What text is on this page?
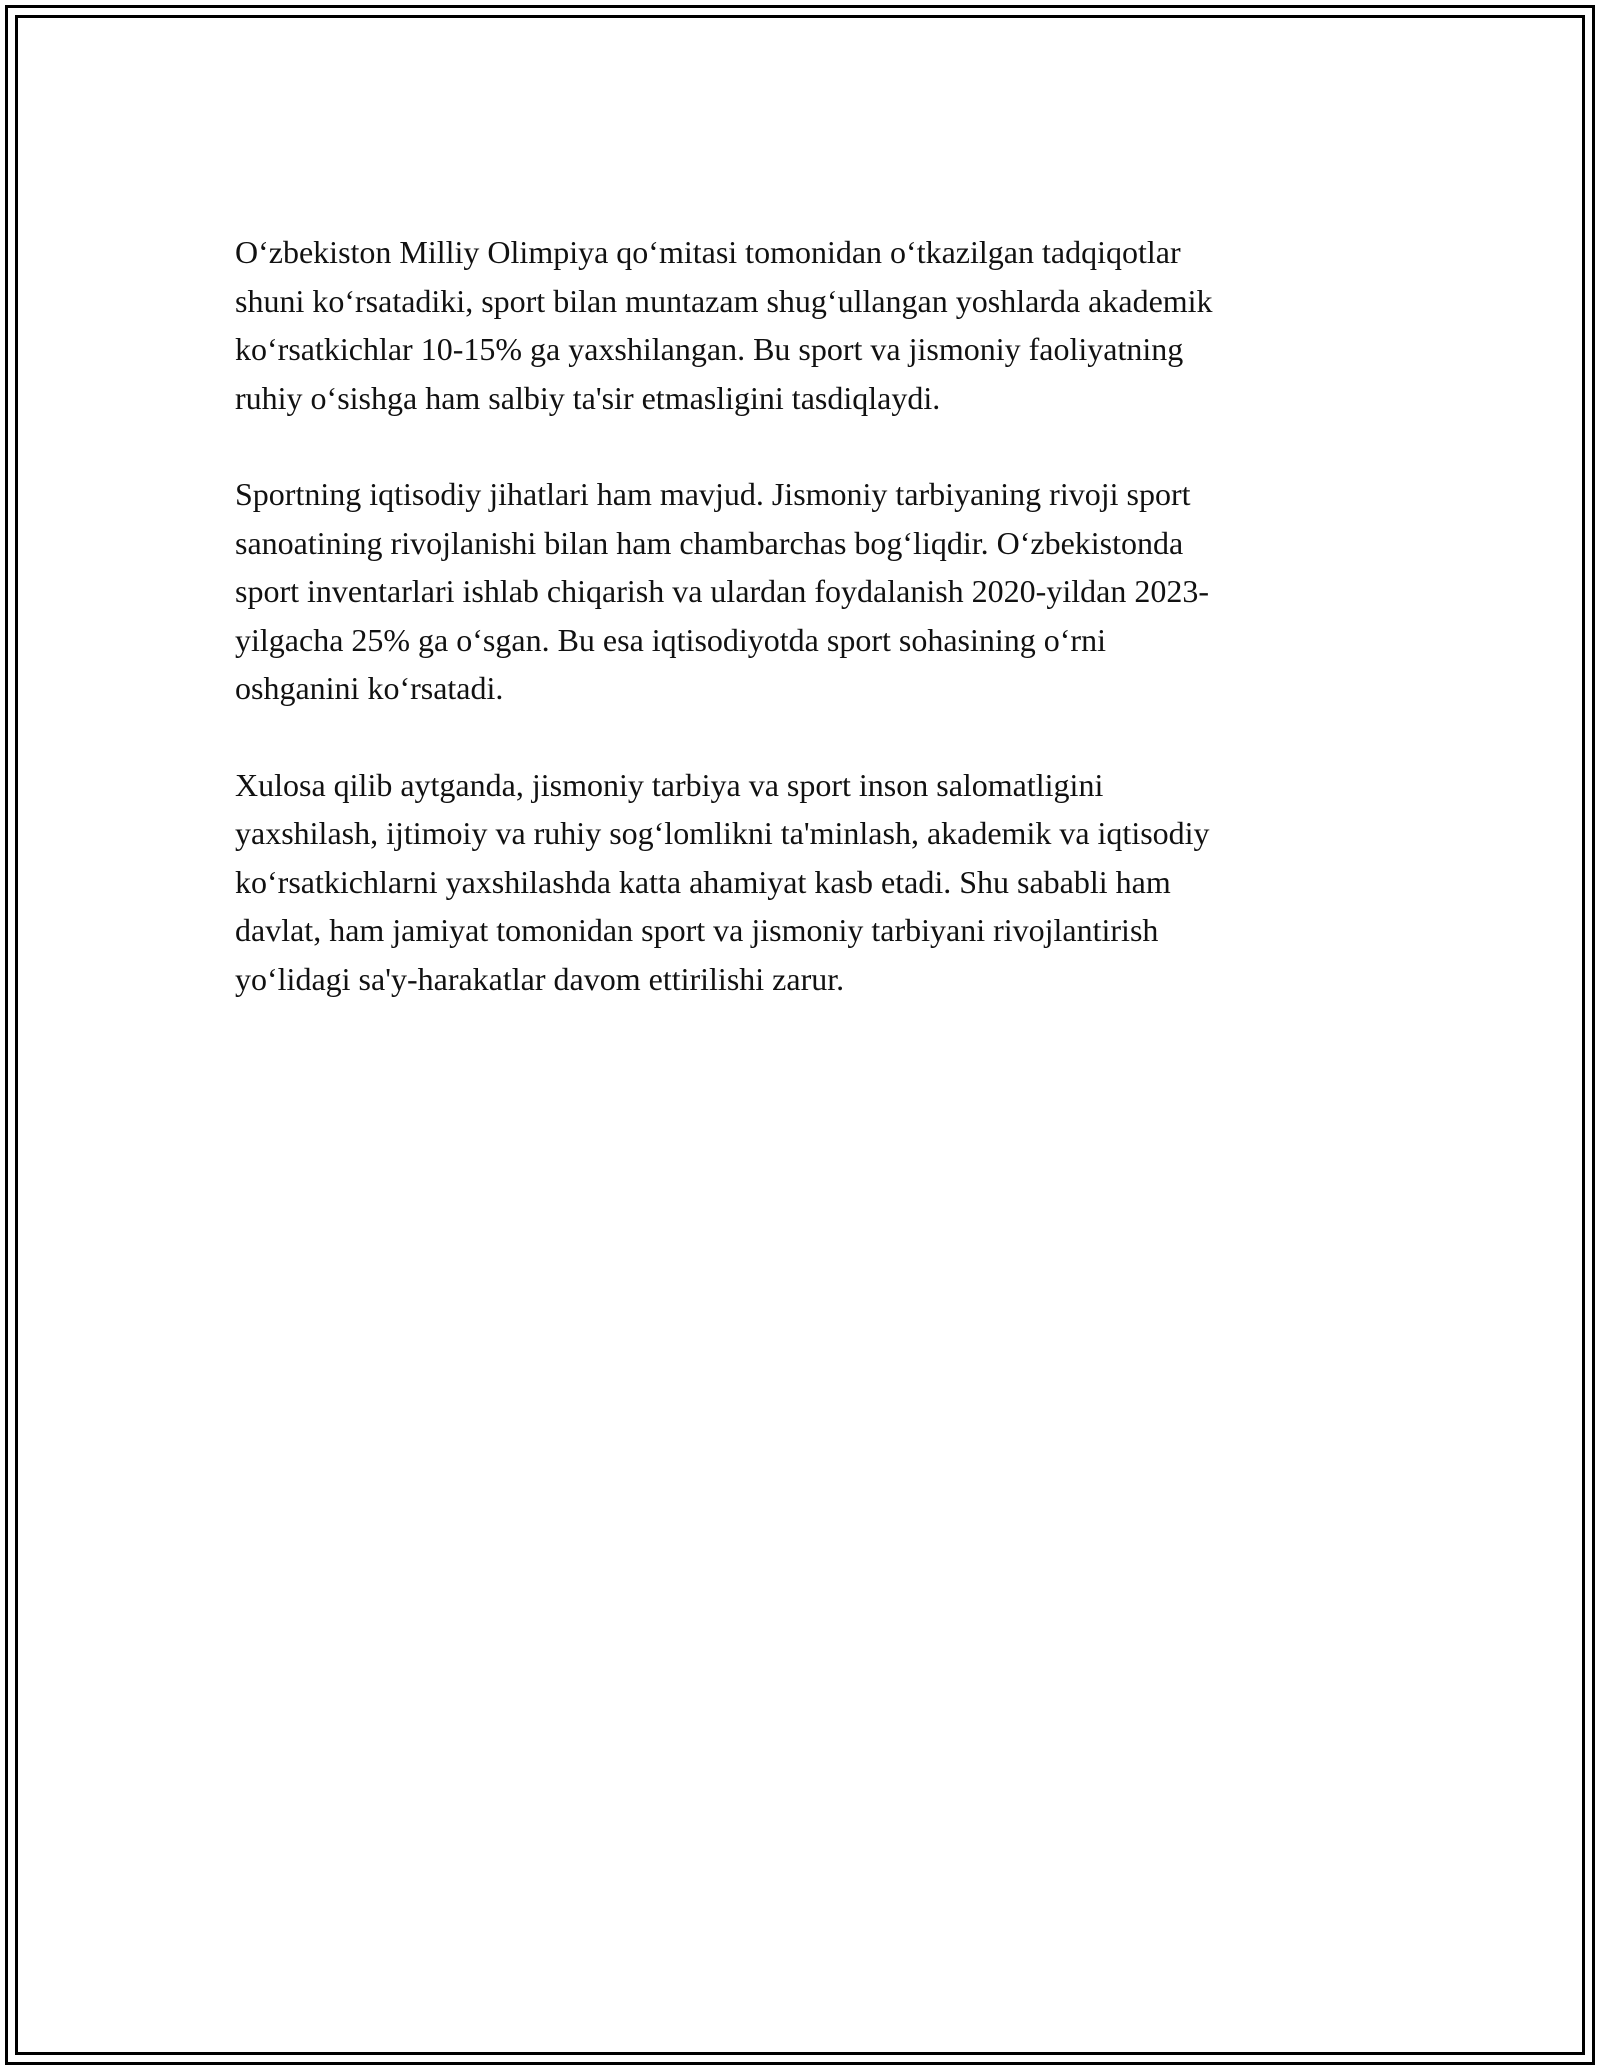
O‘zbekiston Milliy Olimpiya qo‘mitasi tomonidan o‘tkazilgan tadqiqotlar
shuni ko‘rsatadiki, sport bilan muntazam shug‘ullangan yoshlarda akademik
ko‘rsatkichlar 10-15% ga yaxshilangan. Bu sport va jismoniy faoliyatning
ruhiy o‘sishga ham salbiy ta'sir etmasligini tasdiqlaydi.

Sportning iqtisodiy jihatlari ham mavjud. Jismoniy tarbiyaning rivoji sport
sanoatining rivojlanishi bilan ham chambarchas bog‘liqdir. O‘zbekistonda
sport inventarlari ishlab chiqarish va ulardan foydalanish 2020-yildan 2023-
yilgacha 25% ga o‘sgan. Bu esa iqtisodiyotda sport sohasining o‘rni
oshganini ko‘rsatadi.

Xulosa qilib aytganda, jismoniy tarbiya va sport inson salomatligini
yaxshilash, ijtimoiy va ruhiy sog‘lomlikni ta'minlash, akademik va iqtisodiy
ko‘rsatkichlarni yaxshilashda katta ahamiyat kasb etadi. Shu sababli ham
davlat, ham jamiyat tomonidan sport va jismoniy tarbiyani rivojlantirish
yo‘lidagi sa'y-harakatlar davom ettirilishi zarur.
